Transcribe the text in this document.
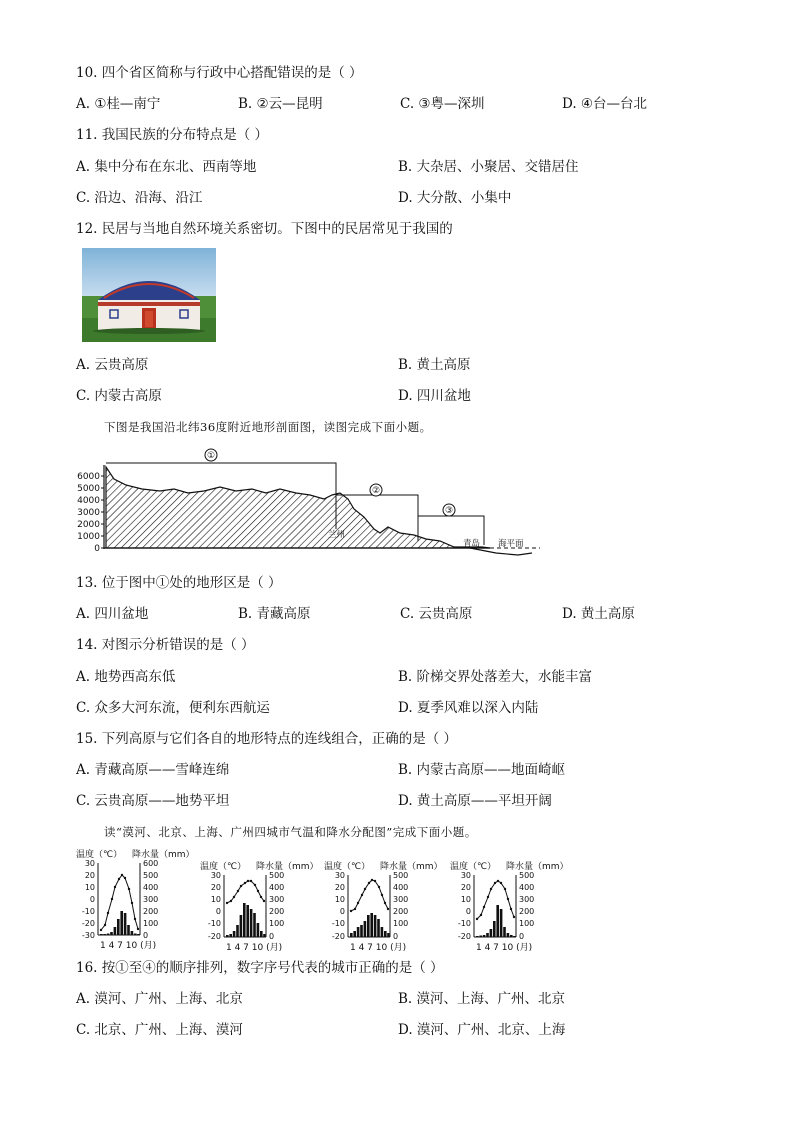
10. 四个省区简称与行政中心搭配错误的是（ ）
A. ①桂—南宁	B. ②云—昆明	C. ③粤—深圳	D. ④台—台北
11. 我国民族的分布特点是（ ）
A. 集中分布在东北、西南等地	B. 大杂居、小聚居、交错居住
C. 沿边、沿海、沿江	D. 大分散、小集中
12. 民居与当地自然环境关系密切。下图中的民居常见于我国的
A. 云贵高原	B. 黄土高原
C. 内蒙古高原	D. 四川盆地
下图是我国沿北纬36度附近地形剖面图，读图完成下面小题。
6000
5000
4000
3000
2000
1000
0
①
②
③
兰州
青岛 海平面
13. 位于图中①处的地形区是（ ）
A. 四川盆地	B. 青藏高原	C. 云贵高原	D. 黄土高原
14. 对图示分析错误的是（ ）
A. 地势西高东低	B. 阶梯交界处落差大，水能丰富
C. 众多大河东流，便利东西航运	D. 夏季风难以深入内陆
15. 下列高原与它们各自的地形特点的连线组合，正确的是（ ）
A. 青藏高原——雪峰连绵	B. 内蒙古高原——地面崎岖
C. 云贵高原——地势平坦	D. 黄土高原——平坦开阔
读“漠河、北京、上海、广州四城市气温和降水分配图”完成下面小题。
温度（℃） 降水量（mm）
30
20
10
0
-10
-20
-30
600
500
400
300
200
100
0
1 4 7 10 (月)
温度（℃） 降水量（mm）
30
20
10
0
-10
-20
500
400
300
200
100
0
1 4 7 10 (月)
温度（℃） 降水量（mm）
30
20
10
0
-10
-20
500
400
300
200
100
0
1 4 7 10 (月)
温度（℃） 降水量（mm）
30
20
10
0
-10
-20
500
400
300
200
100
0
1 4 7 10 (月)
16. 按①至④的顺序排列，数字序号代表的城市正确的是（ ）
A. 漠河、广州、上海、北京	B. 漠河、上海、广州、北京
C. 北京、广州、上海、漠河	D. 漠河、广州、北京、上海
